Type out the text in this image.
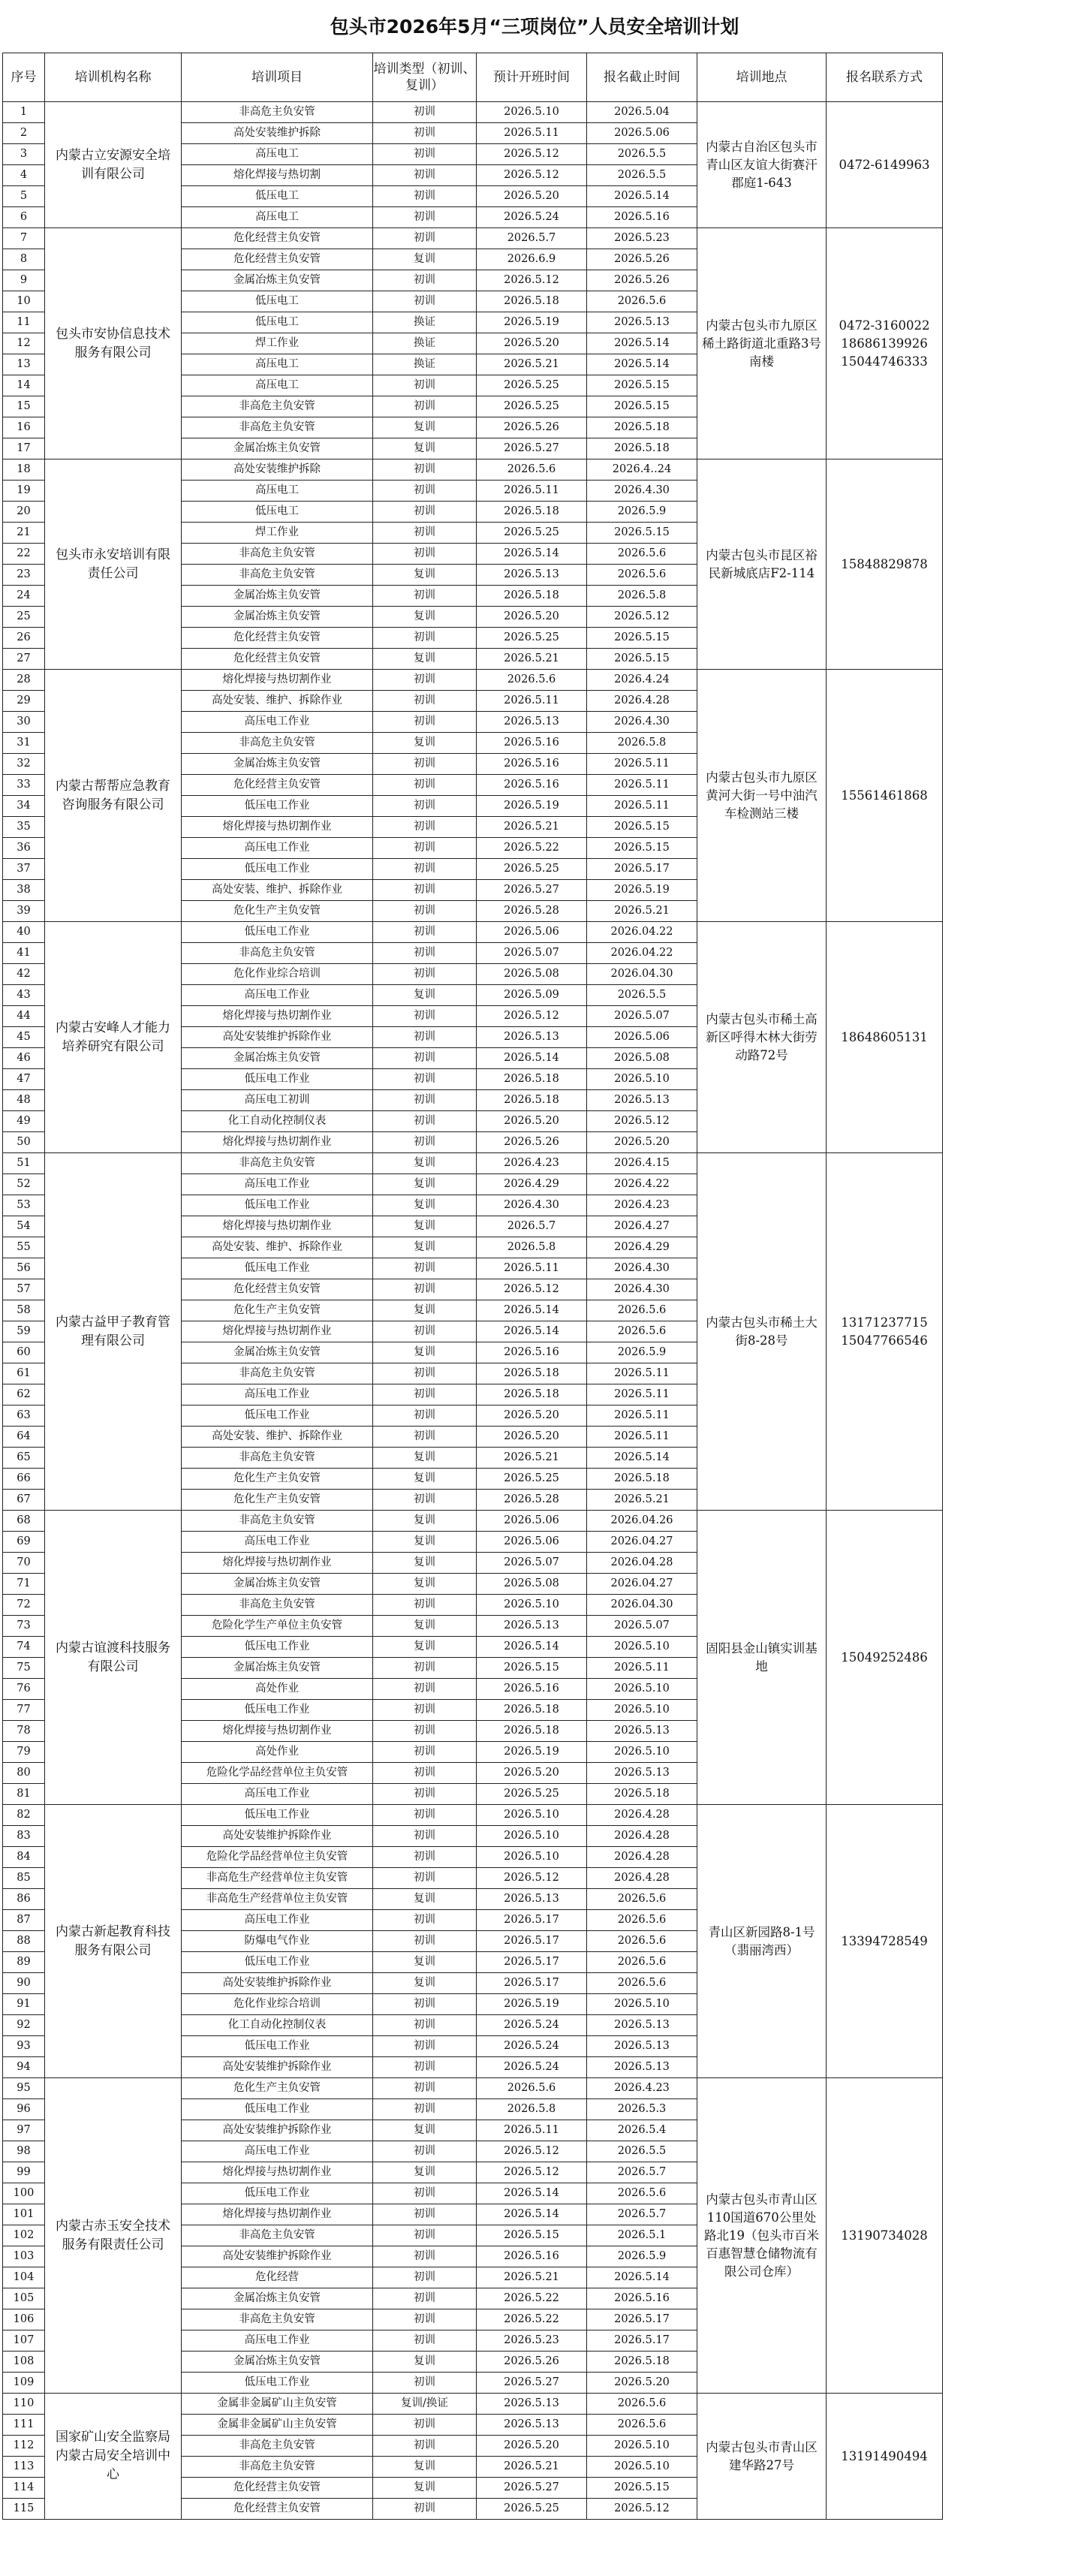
包头市2026年5月“三项岗位”人员安全培训计划
序号	培训机构名称	培训项目	培训类型（初训、复训）	预计开班时间	报名截止时间	培训地点	报名联系方式
1	内蒙古立安源安全培训有限公司	非高危主负安管	初训	2026.5.10	2026.5.04	内蒙古自治区包头市青山区友谊大街赛汗郡庭1-643	0472-6149963
2		高处安装维护拆除	初训	2026.5.11	2026.5.06		
3		高压电工	初训	2026.5.12	2026.5.5		
4		熔化焊接与热切割	初训	2026.5.12	2026.5.5		
5		低压电工	初训	2026.5.20	2026.5.14		
6		高压电工	初训	2026.5.24	2026.5.16		
7	包头市安协信息技术服务有限公司	危化经营主负安管	初训	2026.5.7	2026.5.23	内蒙古包头市九原区稀土路街道北重路3号南楼	0472-3160022
18686139926
15044746333
8		危化经营主负安管	复训	2026.6.9	2026.5.26		
9		金属冶炼主负安管	初训	2026.5.12	2026.5.26		
10		低压电工	初训	2026.5.18	2026.5.6		
11		低压电工	换证	2026.5.19	2026.5.13		
12		焊工作业	换证	2026.5.20	2026.5.14		
13		高压电工	换证	2026.5.21	2026.5.14		
14		高压电工	初训	2026.5.25	2026.5.15		
15		非高危主负安管	初训	2026.5.25	2026.5.15		
16		非高危主负安管	复训	2026.5.26	2026.5.18		
17		金属冶炼主负安管	复训	2026.5.27	2026.5.18		
18	包头市永安培训有限责任公司	高处安装维护拆除	初训	2026.5.6	2026.4..24	内蒙古包头市昆区裕民新城底店F2-114	15848829878
19		高压电工	初训	2026.5.11	2026.4.30		
20		低压电工	初训	2026.5.18	2026.5.9		
21		焊工作业	初训	2026.5.25	2026.5.15		
22		非高危主负安管	初训	2026.5.14	2026.5.6		
23		非高危主负安管	复训	2026.5.13	2026.5.6		
24		金属冶炼主负安管	初训	2026.5.18	2026.5.8		
25		金属冶炼主负安管	复训	2026.5.20	2026.5.12		
26		危化经营主负安管	初训	2026.5.25	2026.5.15		
27		危化经营主负安管	复训	2026.5.21	2026.5.15		
28	内蒙古帮帮应急教育咨询服务有限公司	熔化焊接与热切割作业	初训	2026.5.6	2026.4.24	内蒙古包头市九原区黄河大街一号中油汽车检测站三楼	15561461868
29		高处安装、维护、拆除作业	初训	2026.5.11	2026.4.28		
30		高压电工作业	初训	2026.5.13	2026.4.30		
31		非高危主负安管	复训	2026.5.16	2026.5.8		
32		金属冶炼主负安管	初训	2026.5.16	2026.5.11		
33		危化经营主负安管	初训	2026.5.16	2026.5.11		
34		低压电工作业	初训	2026.5.19	2026.5.11		
35		熔化焊接与热切割作业	初训	2026.5.21	2026.5.15		
36		高压电工作业	初训	2026.5.22	2026.5.15		
37		低压电工作业	初训	2026.5.25	2026.5.17		
38		高处安装、维护、拆除作业	初训	2026.5.27	2026.5.19		
39		危化生产主负安管	初训	2026.5.28	2026.5.21		
40	内蒙古安峰人才能力培养研究有限公司	低压电工作业	初训	2026.5.06	2026.04.22	内蒙古包头市稀土高新区呼得木林大街劳动路72号	18648605131
41		非高危主负安管	初训	2026.5.07	2026.04.22		
42		危化作业综合培训	初训	2026.5.08	2026.04.30		
43		高压电工作业	复训	2026.5.09	2026.5.5		
44		熔化焊接与热切割作业	初训	2026.5.12	2026.5.07		
45		高处安装维护拆除作业	初训	2026.5.13	2026.5.06		
46		金属冶炼主负安管	初训	2026.5.14	2026.5.08		
47		低压电工作业	初训	2026.5.18	2026.5.10		
48		高压电工初训	初训	2026.5.18	2026.5.13		
49		化工自动化控制仪表	初训	2026.5.20	2026.5.12		
50		熔化焊接与热切割作业	初训	2026.5.26	2026.5.20		
51	内蒙古益甲子教育管理有限公司	非高危主负安管	复训	2026.4.23	2026.4.15	内蒙古包头市稀土大街8-28号	13171237715
15047766546
52		高压电工作业	复训	2026.4.29	2026.4.22		
53		低压电工作业	复训	2026.4.30	2026.4.23		
54		熔化焊接与热切割作业	复训	2026.5.7	2026.4.27		
55		高处安装、维护、拆除作业	复训	2026.5.8	2026.4.29		
56		低压电工作业	初训	2026.5.11	2026.4.30		
57		危化经营主负安管	初训	2026.5.12	2026.4.30		
58		危化生产主负安管	复训	2026.5.14	2026.5.6		
59		熔化焊接与热切割作业	初训	2026.5.14	2026.5.6		
60		金属冶炼主负安管	复训	2026.5.16	2026.5.9		
61		非高危主负安管	初训	2026.5.18	2026.5.11		
62		高压电工作业	初训	2026.5.18	2026.5.11		
63		低压电工作业	初训	2026.5.20	2026.5.11		
64		高处安装、维护、拆除作业	初训	2026.5.20	2026.5.11		
65		非高危主负安管	复训	2026.5.21	2026.5.14		
66		危化生产主负安管	复训	2026.5.25	2026.5.18		
67		危化生产主负安管	初训	2026.5.28	2026.5.21		
68	内蒙古谊渡科技服务有限公司	非高危主负安管	复训	2026.5.06	2026.04.26	固阳县金山镇实训基地	15049252486
69		高压电工作业	复训	2026.5.06	2026.04.27		
70		熔化焊接与热切割作业	复训	2026.5.07	2026.04.28		
71		金属冶炼主负安管	复训	2026.5.08	2026.04.27		
72		非高危主负安管	初训	2026.5.10	2026.04.30		
73		危险化学生产单位主负安管	复训	2026.5.13	2026.5.07		
74		低压电工作业	复训	2026.5.14	2026.5.10		
75		金属冶炼主负安管	初训	2026.5.15	2026.5.11		
76		高处作业	初训	2026.5.16	2026.5.10		
77		低压电工作业	初训	2026.5.18	2026.5.10		
78		熔化焊接与热切割作业	初训	2026.5.18	2026.5.13		
79		高处作业	初训	2026.5.19	2026.5.10		
80		危险化学品经营单位主负安管	初训	2026.5.20	2026.5.13		
81		高压电工作业	初训	2026.5.25	2026.5.18		
82	内蒙古新起教育科技服务有限公司	低压电工作业	初训	2026.5.10	2026.4.28	青山区新园路8-1号（翡丽湾西）	13394728549
83		高处安装维护拆除作业	初训	2026.5.10	2026.4.28		
84		危险化学品经营单位主负安管	初训	2026.5.10	2026.4.28		
85		非高危生产经营单位主负安管	初训	2026.5.12	2026.4.28		
86		非高危生产经营单位主负安管	复训	2026.5.13	2026.5.6		
87		高压电工作业	初训	2026.5.17	2026.5.6		
88		防爆电气作业	初训	2026.5.17	2026.5.6		
89		低压电工作业	复训	2026.5.17	2026.5.6		
90		高处安装维护拆除作业	复训	2026.5.17	2026.5.6		
91		危化作业综合培训	初训	2026.5.19	2026.5.10		
92		化工自动化控制仪表	初训	2026.5.24	2026.5.13		
93		低压电工作业	初训	2026.5.24	2026.5.13		
94		高处安装维护拆除作业	初训	2026.5.24	2026.5.13		
95	内蒙古赤玉安全技术服务有限责任公司	危化生产主负安管	初训	2026.5.6	2026.4.23	内蒙古包头市青山区110国道670公里处路北19（包头市百米百惠智慧仓储物流有限公司仓库）	13190734028
96		低压电工作业	初训	2026.5.8	2026.5.3		
97		高处安装维护拆除作业	复训	2026.5.11	2026.5.4		
98		高压电工作业	初训	2026.5.12	2026.5.5		
99		熔化焊接与热切割作业	复训	2026.5.12	2026.5.7		
100		低压电工作业	初训	2026.5.14	2026.5.6		
101		熔化焊接与热切割作业	初训	2026.5.14	2026.5.7		
102		非高危主负安管	初训	2026.5.15	2026.5.1		
103		高处安装维护拆除作业	初训	2026.5.16	2026.5.9		
104		危化经营	初训	2026.5.21	2026.5.14		
105		金属冶炼主负安管	初训	2026.5.22	2026.5.16		
106		非高危主负安管	初训	2026.5.22	2026.5.17		
107		高压电工作业	初训	2026.5.23	2026.5.17		
108		金属冶炼主负安管	复训	2026.5.26	2026.5.18		
109		低压电工作业	初训	2026.5.27	2026.5.20		
110	国家矿山安全监察局内蒙古局安全培训中心	金属非金属矿山主负安管	复训/换证	2026.5.13	2026.5.6	内蒙古包头市青山区建华路27号	13191490494
111		金属非金属矿山主负安管	初训	2026.5.13	2026.5.6		
112		非高危主负安管	初训	2026.5.20	2026.5.10		
113		非高危主负安管	复训	2026.5.21	2026.5.10		
114		危化经营主负安管	复训	2026.5.27	2026.5.15		
115		危化经营主负安管	初训	2026.5.25	2026.5.12		
